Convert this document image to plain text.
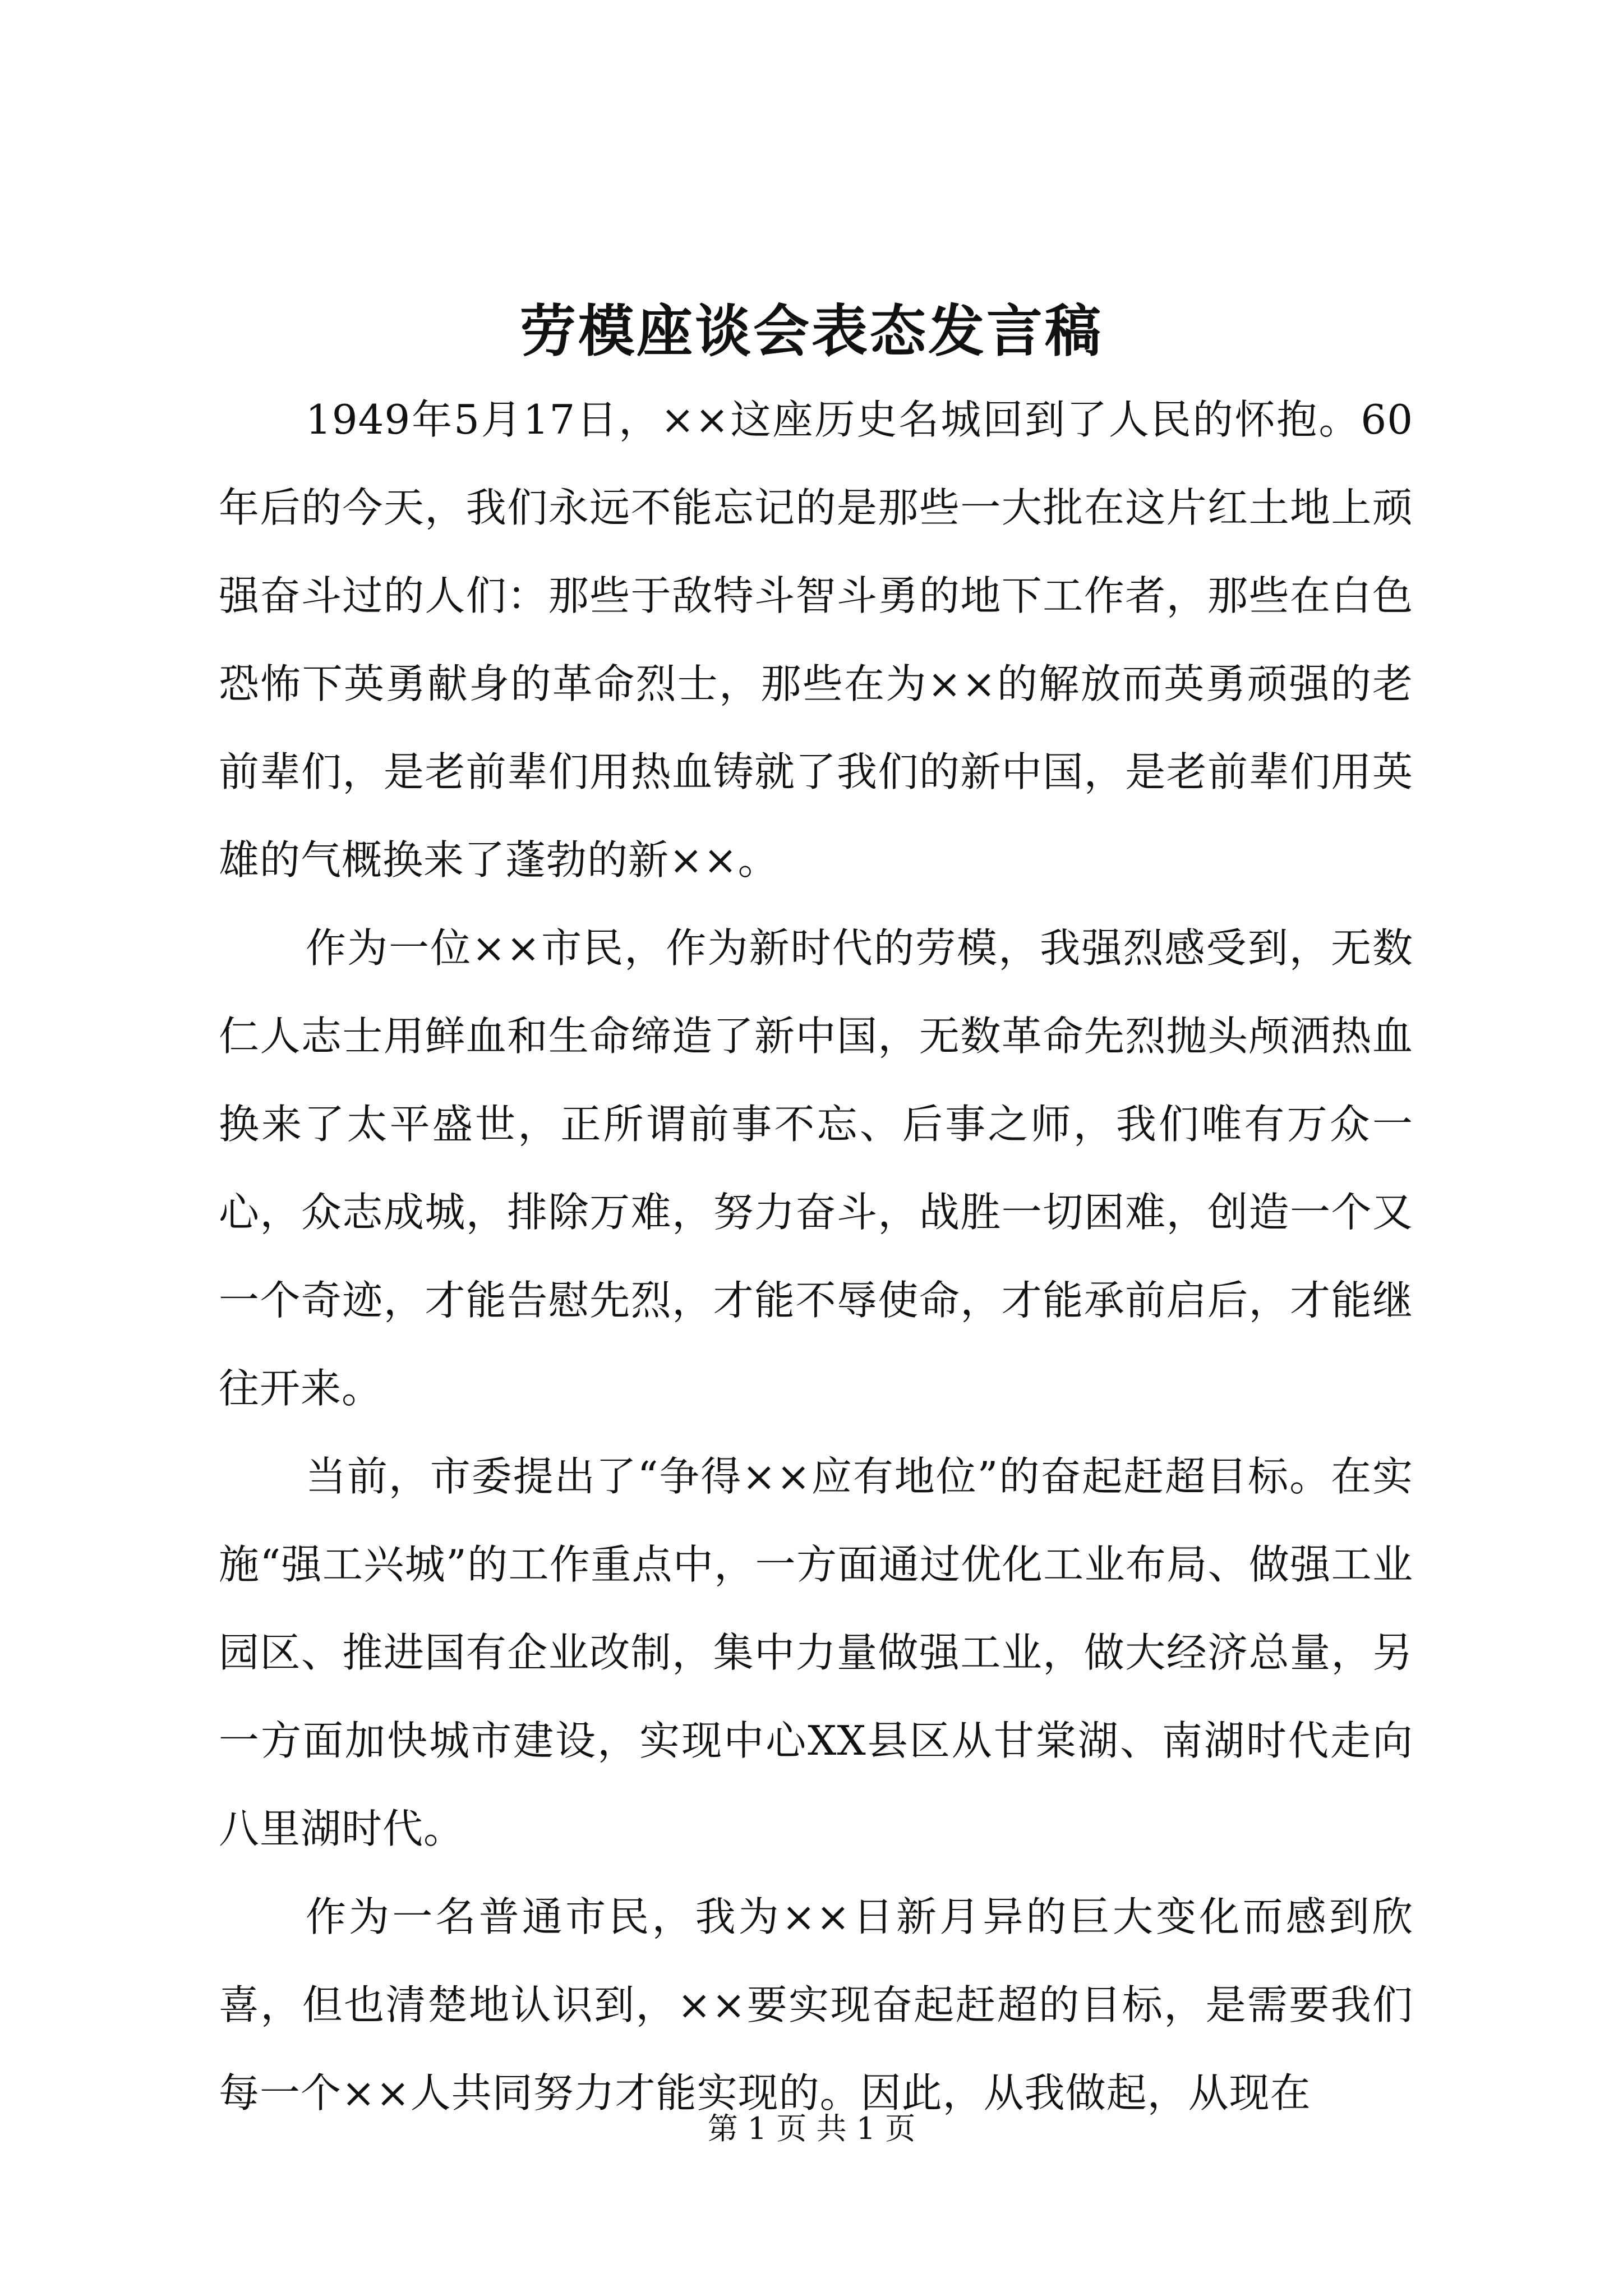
劳模座谈会表态发言稿

1949年5月17日，××这座历史名城回到了人民的怀抱。60年后的今天，我们永远不能忘记的是那些一大批在这片红土地上顽强奋斗过的人们：那些于敌特斗智斗勇的地下工作者，那些在白色恐怖下英勇献身的革命烈士，那些在为××的解放而英勇顽强的老前辈们，是老前辈们用热血铸就了我们的新中国，是老前辈们用英雄的气概换来了蓬勃的新××。

作为一位××市民，作为新时代的劳模，我强烈感受到，无数仁人志士用鲜血和生命缔造了新中国，无数革命先烈抛头颅洒热血换来了太平盛世，正所谓前事不忘、后事之师，我们唯有万众一心，众志成城，排除万难，努力奋斗，战胜一切困难，创造一个又一个奇迹，才能告慰先烈，才能不辱使命，才能承前启后，才能继往开来。

当前，市委提出了“争得××应有地位”的奋起赶超目标。在实施“强工兴城”的工作重点中，一方面通过优化工业布局、做强工业园区、推进国有企业改制，集中力量做强工业，做大经济总量，另一方面加快城市建设，实现中心XX县区从甘棠湖、南湖时代走向八里湖时代。

作为一名普通市民，我为××日新月异的巨大变化而感到欣喜，但也清楚地认识到，××要实现奋起赶超的目标，是需要我们每一个××人共同努力才能实现的。因此，从我做起，从现在

第 1 页 共 1 页
